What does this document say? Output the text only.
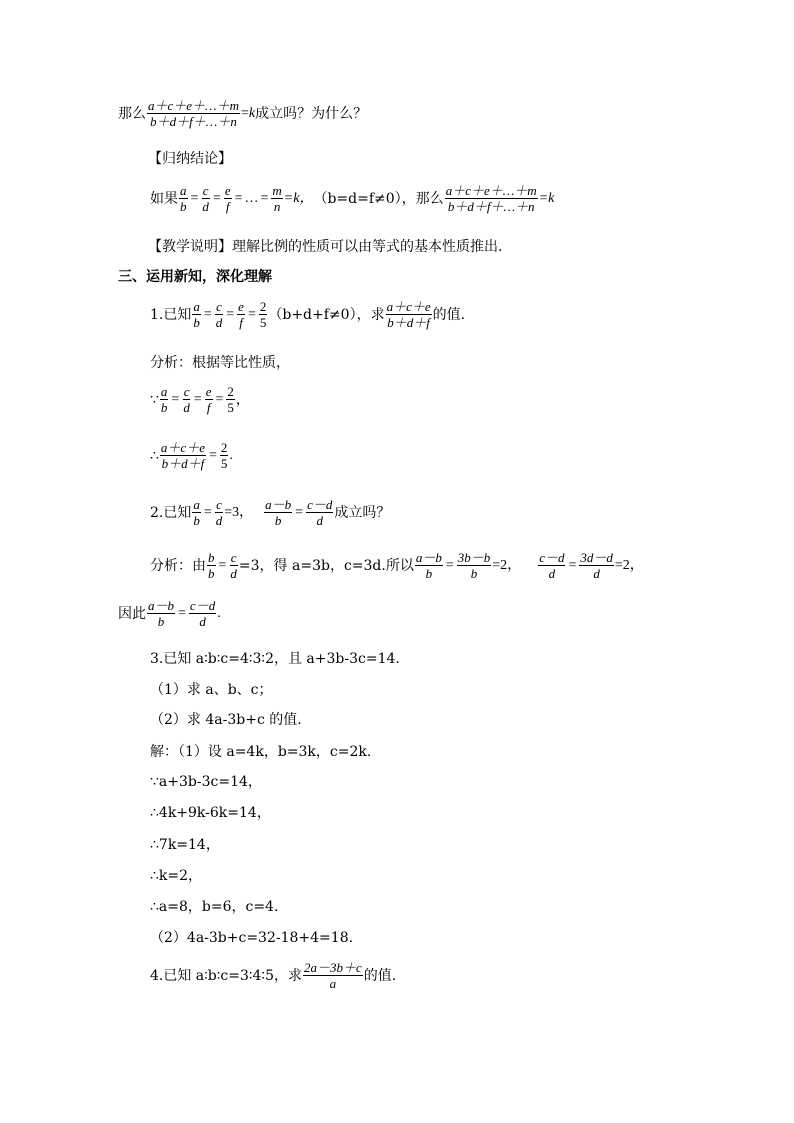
那么 $\frac{a+c+e+\dots+m}{b+d+f+\dots+n} = k$ 成立吗？为什么？
【归纳结论】
如果 $\frac{a}{b} = \frac{c}{d} = \frac{e}{f}$ = … = $\frac{m}{n} =k$， （b=d=f≠0），那么 $\frac{a+c+e+\dots+m}{b+d+f+\dots+n} =k$
【教学说明】理解比例的性质可以由等式的基本性质推出.
三、运用新知，深化理解
1.已知 $\frac{a}{b} = \frac{c}{d} = \frac{e}{f} = \frac{2}{5} (b+d+f\ne 0)$，求 $\frac{a+c+e}{b+d+f}$ 的值.
分析：根据等比性质，
∵ $\frac{a}{b} = \frac{c}{d} = \frac{e}{f} = \frac{2}{5}$ ，
∴ $\frac{a+c+e}{b+d+f} = \frac{2}{5}$ .
2.已知 $\frac{a}{b} = \frac{c}{d} =3$， $\frac{a-b}{b} = \frac{c-d}{d}$ 成立吗？
分析：由 $\frac{b}{b} = \frac{c}{d} =3$，得 a=3b，c=3d.所以 $\frac{a-b}{b} = \frac{3b-b}{b} =2$， $\frac{c-d}{d} = \frac{3d-d}{d} =2$，
因此 $\frac{a-b}{b} = \frac{c-d}{d}$ .
3.已知 a∶b∶c=4∶3∶2，且 a+3b-3c=14.
（1）求 a、b、c；
（2）求 4a-3b+c 的值.
解：（1）设 a=4k，b=3k，c=2k.
∵a+3b-3c=14，
∴4k+9k-6k=14，
∴7k=14，
∴k=2，
∴a=8，b=6，c=4.
（2）4a-3b+c=32-18+4=18.
4.已知 a∶b∶c=3∶4∶5，求 $\frac{2a-3b+c}{a}$ 的值.
